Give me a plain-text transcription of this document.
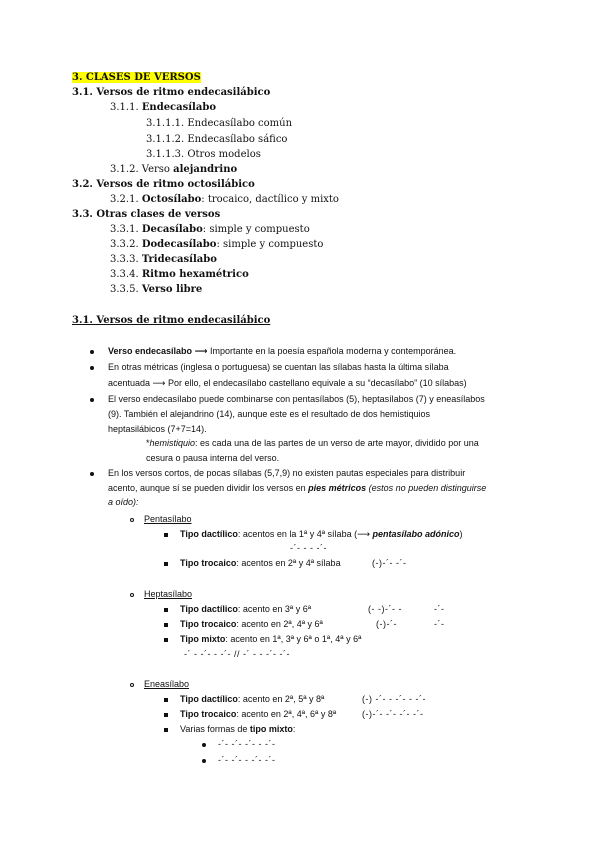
3. CLASES DE VERSOS
3.1. Versos de ritmo endecasilábico
3.1.1. Endecasílabo
3.1.1.1. Endecasílabo común
3.1.1.2. Endecasílabo sáfico
3.1.1.3. Otros modelos
3.1.2. Verso alejandrino
3.2. Versos de ritmo octosilábico
3.2.1. Octosílabo: trocaico, dactílico y mixto
3.3. Otras clases de versos
3.3.1. Decasílabo: simple y compuesto
3.3.2. Dodecasílabo: simple y compuesto
3.3.3. Tridecasílabo
3.3.4. Ritmo hexamétrico
3.3.5. Verso libre
3.1. Versos de ritmo endecasilábico
Verso endecasílabo ⟶ Importante en la poesía española moderna y contemporánea.
En otras métricas (inglesa o portuguesa) se cuentan las sílabas hasta la última sílaba
acentuada ⟶ Por ello, el endecasílabo castellano equivale a su “decasílabo” (10 sílabas)
El verso endecasílabo puede combinarse con pentasílabos (5), heptasílabos (7) y eneasílabos
(9). También el alejandrino (14), aunque este es el resultado de dos hemistiquios
heptasilábicos (7+7=14).
*hemistiquio: es cada una de las partes de un verso de arte mayor, dividido por una
cesura o pausa interna del verso.
En los versos cortos, de pocas sílabas (5,7,9) no existen pautas especiales para distribuir
acento, aunque sí se pueden dividir los versos en pies métricos (estos no pueden distinguirse
a oído):
Pentasílabo
Tipo dactílico: acentos en la 1ª y 4ª sílaba (⟶ pentasílabo adónico)
-´- - - -´-
Tipo trocaico: acentos en 2ª y 4ª sílaba	(-)-´- -´-
Heptasílabo
Tipo dactílico: acento en 3ª y 6ª	(- -)-´- -	-´-
Tipo trocaico: acento en 2ª, 4ª y 6ª	(-)-´-	-´-
Tipo mixto: acento en 1ª, 3ª y 6ª o 1ª, 4ª y 6ª
-´ - -´- - -´- // -´ - - -´- -´-
Eneasílabo
Tipo dactílico: acento en 2ª, 5ª y 8ª	(-) -´- - -´- - -´-
Tipo trocaico: acento en 2ª, 4ª, 6ª y 8ª	(-)-´- -´- -´- -´-
Varias formas de tipo mixto:
-´- -´- -´- - -´-
-´- -´- - -´- -´-
